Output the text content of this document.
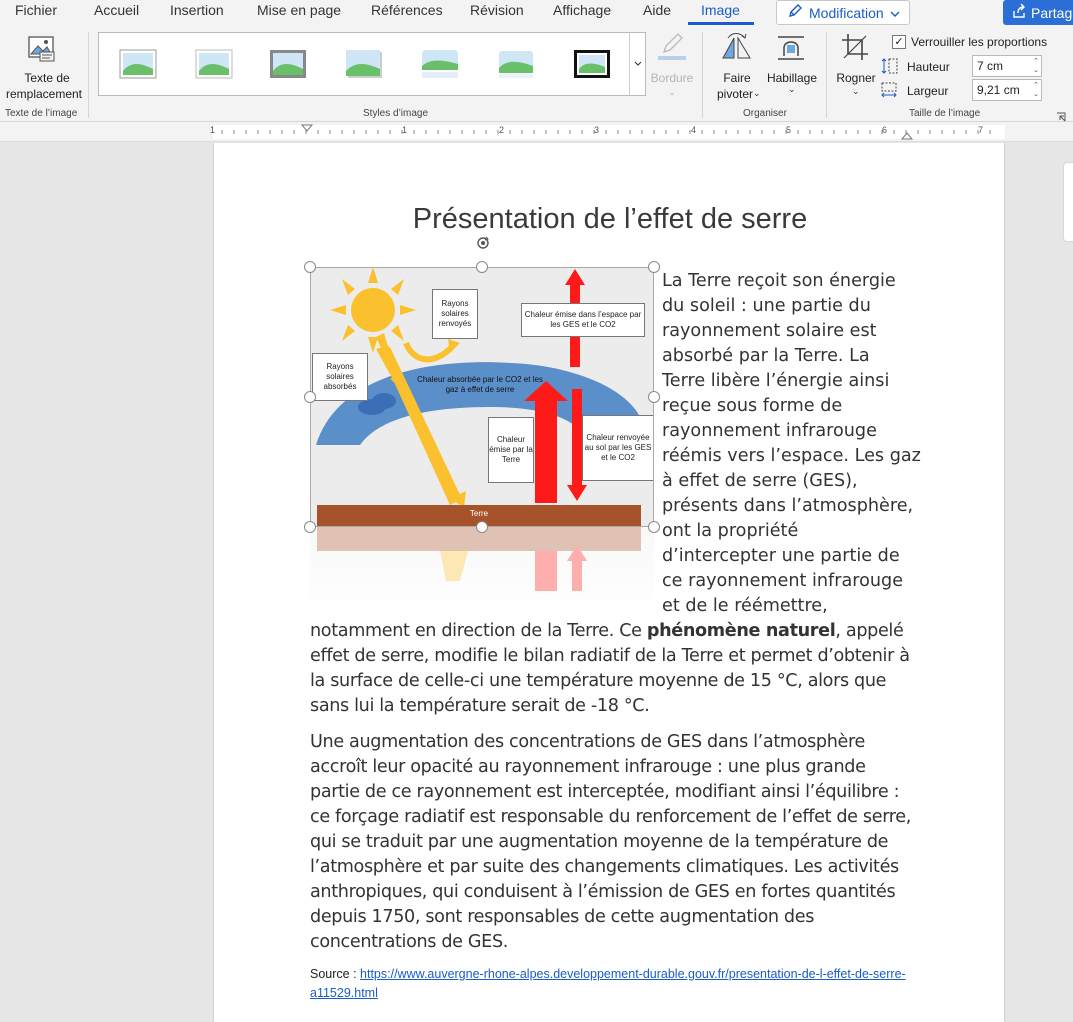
Fichier	Accueil Insertion Mise en page Références Révision Affichage Aide Image	Modification	Partag
Texte de
remplacement
Texte de l’image	Styles d’image
Bordure
⌄
Faire
pivoter ⌄
Habillage
⌄
Organiser
Rogner
⌄
✓ Verrouiller les proportions
Hauteur	7 cm	⌃
⌄
Largeur	9,21 cm ⌃
⌄
Taille de l’image
1	1	2	3	4	5	6	7
Présentation de l’effet de serre
Rayons solaires renvoyés
Chaleur émise dans l’espace par les GES et le CO2
Rayons solaires absorbés
Chaleur absorbée par le CO2 et les gaz à effet de serre
Chaleur émise par la Terre
Chaleur renvoyée au sol par les GES et le CO2
Terre
La Terre reçoit son énergie
du soleil : une partie du
rayonnement solaire est
absorbé par la Terre. La
Terre libère l’énergie ainsi
reçue sous forme de
rayonnement infrarouge
réémis vers l’espace. Les gaz
à effet de serre (GES),
présents dans l’atmosphère,
ont la propriété
d’intercepter une partie de
ce rayonnement infrarouge
et de le réémettre,

notamment en direction de la Terre. Ce phénomène naturel, appelé effet de serre, modifie le bilan radiatif de la Terre et permet d’obtenir à la surface de celle-ci une température moyenne de 15 °C, alors que sans lui la température serait de -18 °C.

Une augmentation des concentrations de GES dans l’atmosphère accroît leur opacité au rayonnement infrarouge : une plus grande partie de ce rayonnement est interceptée, modifiant ainsi l’équilibre : ce forçage radiatif est responsable du renforcement de l’effet de serre, qui se traduit par une augmentation moyenne de la température de l’atmosphère et par suite des changements climatiques. Les activités anthropiques, qui conduisent à l’émission de GES en fortes quantités depuis 1750, sont responsables de cette augmentation des concentrations de GES.

Source : https://www.auvergne-rhone-alpes.developpement-durable.gouv.fr/presentation-de-l-effet-de-serre-a11529.html
